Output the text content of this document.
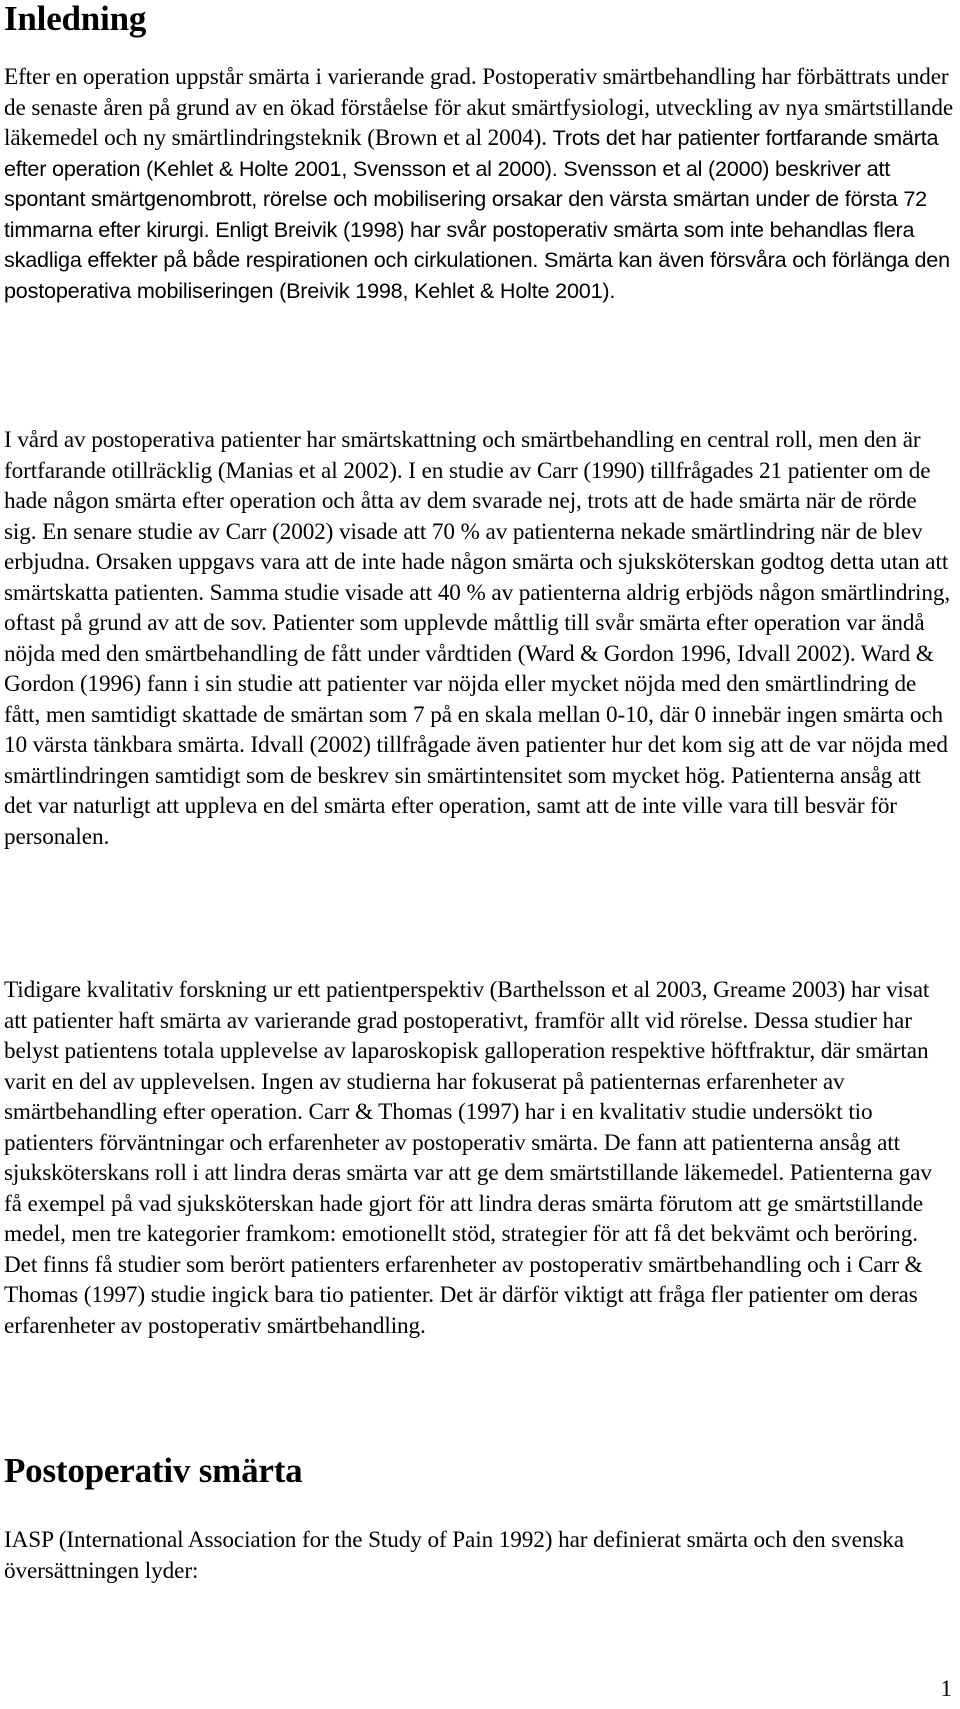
Inledning

Efter en operation uppstår smärta i varierande grad. Postoperativ smärtbehandling har förbättrats under de senaste åren på grund av en ökad förståelse för akut smärtfysiologi, utveckling av nya smärtstillande läkemedel och ny smärtlindringsteknik (Brown et al 2004). Trots det har patienter fortfarande smärta efter operation (Kehlet & Holte 2001, Svensson et al 2000). Svensson et al (2000) beskriver att spontant smärtgenombrott, rörelse och mobilisering orsakar den värsta smärtan under de första 72 timmarna efter kirurgi. Enligt Breivik (1998) har svår postoperativ smärta som inte behandlas flera skadliga effekter på både respirationen och cirkulationen. Smärta kan även försvåra och förlänga den postoperativa mobiliseringen (Breivik 1998, Kehlet & Holte 2001).

I vård av postoperativa patienter har smärtskattning och smärtbehandling en central roll, men den är fortfarande otillräcklig (Manias et al 2002). I en studie av Carr (1990) tillfrågades 21 patienter om de hade någon smärta efter operation och åtta av dem svarade nej, trots att de hade smärta när de rörde sig. En senare studie av Carr (2002) visade att 70 % av patienterna nekade smärtlindring när de blev erbjudna. Orsaken uppgavs vara att de inte hade någon smärta och sjuksköterskan godtog detta utan att smärtskatta patienten. Samma studie visade att 40 % av patienterna aldrig erbjöds någon smärtlindring, oftast på grund av att de sov. Patienter som upplevde måttlig till svår smärta efter operation var ändå nöjda med den smärtbehandling de fått under vårdtiden (Ward & Gordon 1996, Idvall 2002). Ward & Gordon (1996) fann i sin studie att patienter var nöjda eller mycket nöjda med den smärtlindring de fått, men samtidigt skattade de smärtan som 7 på en skala mellan 0-10, där 0 innebär ingen smärta och 10 värsta tänkbara smärta. Idvall (2002) tillfrågade även patienter hur det kom sig att de var nöjda med smärtlindringen samtidigt som de beskrev sin smärtintensitet som mycket hög. Patienterna ansåg att det var naturligt att uppleva en del smärta efter operation, samt att de inte ville vara till besvär för personalen.

Tidigare kvalitativ forskning ur ett patientperspektiv (Barthelsson et al 2003, Greame 2003) har visat att patienter haft smärta av varierande grad postoperativt, framför allt vid rörelse. Dessa studier har belyst patientens totala upplevelse av laparoskopisk galloperation respektive höftfraktur, där smärtan varit en del av upplevelsen. Ingen av studierna har fokuserat på patienternas erfarenheter av smärtbehandling efter operation. Carr & Thomas (1997) har i en kvalitativ studie undersökt tio patienters förväntningar och erfarenheter av postoperativ smärta. De fann att patienterna ansåg att sjuksköterskans roll i att lindra deras smärta var att ge dem smärtstillande läkemedel. Patienterna gav få exempel på vad sjuksköterskan hade gjort för att lindra deras smärta förutom att ge smärtstillande medel, men tre kategorier framkom: emotionellt stöd, strategier för att få det bekvämt och beröring. Det finns få studier som berört patienters erfarenheter av postoperativ smärtbehandling och i Carr & Thomas (1997) studie ingick bara tio patienter. Det är därför viktigt att fråga fler patienter om deras erfarenheter av postoperativ smärtbehandling.

Postoperativ smärta

IASP (International Association for the Study of Pain 1992) har definierat smärta och den svenska översättningen lyder:

1
